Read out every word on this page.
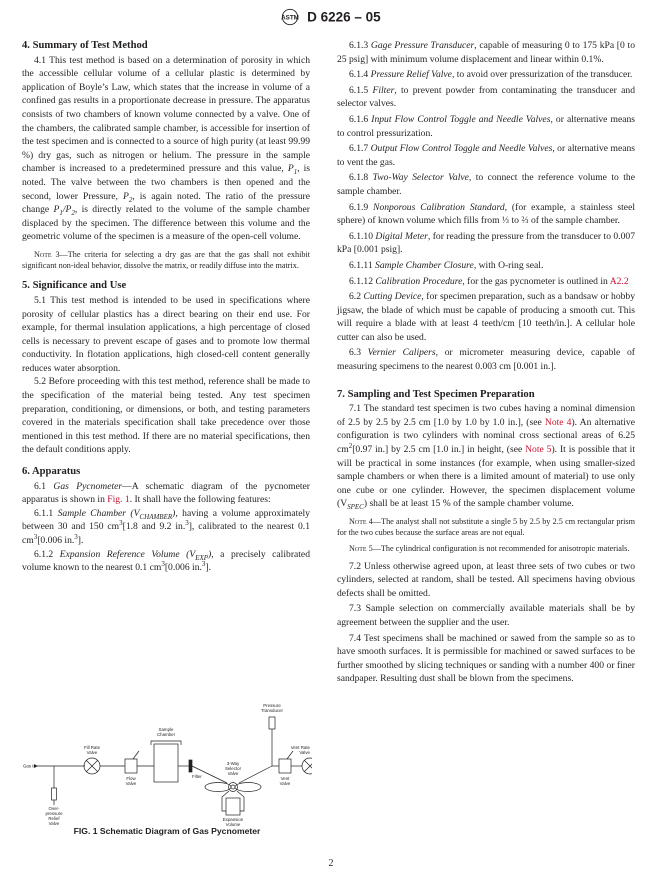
ASTM D 6226 – 05
4. Summary of Test Method

4.1 This test method is based on a determination of porosity in which the accessible cellular volume of a cellular plastic is determined by application of Boyle’s Law, which states that the increase in volume of a confined gas results in a proportionate decrease in pressure. The apparatus consists of two chambers of known volume connected by a valve. One of the chambers, the calibrated sample chamber, is accessible for insertion of the test specimen and is connected to a source of high purity (at least 99.99 %) dry gas, such as nitrogen or helium. The pressure in the sample chamber is increased to a predetermined pressure and this value, $P_1$, is noted. The valve between the two chambers is then opened and the second, lower Pressure, $P_2$, is again noted. The ratio of the pressure change $P_1/P_2$, is directly related to the volume of the sample chamber displaced by the specimen. The difference between this volume and the geometric volume of the specimen is a measure of the open-cell volume.

Note 3—The criteria for selecting a dry gas are that the gas shall not exhibit significant non-ideal behavior, dissolve the matrix, or readily diffuse into the matrix.
5. Significance and Use

5.1 This test method is intended to be used in specifications where porosity of cellular plastics has a direct bearing on their end use. For example, for thermal insulation applications, a high percentage of closed cells is necessary to prevent escape of gases and to promote low thermal conductivity. In flotation applications, high closed-cell content generally reduces water absorption.

5.2 Before proceeding with this test method, reference shall be made to the specification of the material being tested. Any test specimen preparation, conditioning, or dimensions, or both, and testing parameters covered in the materials specification shall take precedence over those mentioned in this test method. If there are no material specifications, then the default conditions apply.

6. Apparatus

6.1 Gas Pycnometer—A schematic diagram of the pycnometer apparatus is shown in Fig. 1. It shall have the following features:

6.1.1 Sample Chamber $(V_{CHAMBER})$, having a volume approximately between 30 and 150 $cm^3[1.8$ and 9.2 in.$^3$], calibrated to the nearest 0.1 $cm^3[0.006$ in.$^3$].

6.1.2 Expansion Reference Volume $(V_{EXP})$, a precisely calibrated volume known to the nearest 0.1 $cm^3[0.006$ in.$^3$].

Gas In
Fill Rate
Valve
Sample
Chamber
Flow
Valve
Filter
3-Way
Selector
Valve
Pressure
Transducer
Vent
Valve
Vent Rate
Valve
Over-
pressure
Relief
Valve
Expansion
Volume
FIG. 1 Schematic Diagram of Gas Pycnometer

6.1.3 Gage Pressure Transducer, capable of measuring 0 to 175 kPa [0 to 25 psig] with minimum volume displacement and linear within 0.1%.

6.1.4 Pressure Relief Valve, to avoid over pressurization of the transducer.

6.1.5 Filter, to prevent powder from contaminating the transducer and selector valves.

6.1.6 Input Flow Control Toggle and Needle Valves, or alternative means to control pressurization.

6.1.7 Output Flow Control Toggle and Needle Valves, or alternative means to vent the gas.

6.1.8 Two-Way Selector Valve, to connect the reference volume to the sample chamber.

6.1.9 Nonporous Calibration Standard, (for example, a stainless steel sphere) of known volume which fills from ⅓ to ⅔ of the sample chamber.

6.1.10 Digital Meter, for reading the pressure from the transducer to 0.007 kPa [0.001 psig].

6.1.11 Sample Chamber Closure, with O-ring seal.

6.1.12 Calibration Procedure, for the gas pycnometer is outlined in A2.2

6.2 Cutting Device, for specimen preparation, such as a bandsaw or hobby jigsaw, the blade of which must be capable of producing a smooth cut. This will require a blade with at least 4 teeth/cm [10 teeth/in.]. A cellular hole cutter can also be used.

6.3 Vernier Calipers, or micrometer measuring device, capable of measuring specimens to the nearest 0.003 cm [0.001 in.].

7. Sampling and Test Specimen Preparation

7.1 The standard test specimen is two cubes having a nominal dimension of 2.5 by 2.5 by 2.5 cm [1.0 by 1.0 by 1.0 in.], (see Note 4). An alternative configuration is two cylinders with nominal cross sectional areas of 6.25 $cm^2[0.97$ in.] by 2.5 cm [1.0 in.] in height, (see Note 5). It is possible that it will be practical in some instances (for example, when using smaller-sized sample chambers or when there is a limited amount of material) to use only one cube or one cylinder. However, the specimen displacement volume $(V_{SPEC})$ shall be at least 15 % of the sample chamber volume.

Note 4—The analyst shall not substitute a single 5 by 2.5 by 2.5 cm rectangular prism for the two cubes because the surface areas are not equal.
Note 5—The cylindrical configuration is not recommended for anisotropic materials.

7.2 Unless otherwise agreed upon, at least three sets of two cubes or two cylinders, selected at random, shall be tested. All specimens having obvious defects shall be omitted.

7.3 Sample selection on commercially available materials shall be by agreement between the supplier and the user.

7.4 Test specimens shall be machined or sawed from the sample so as to have smooth surfaces. It is permissible for machined or sawed surfaces to be further smoothed by slicing techniques or sanding with a number 400 or finer sandpaper. Resulting dust shall be blown from the specimens.

2
